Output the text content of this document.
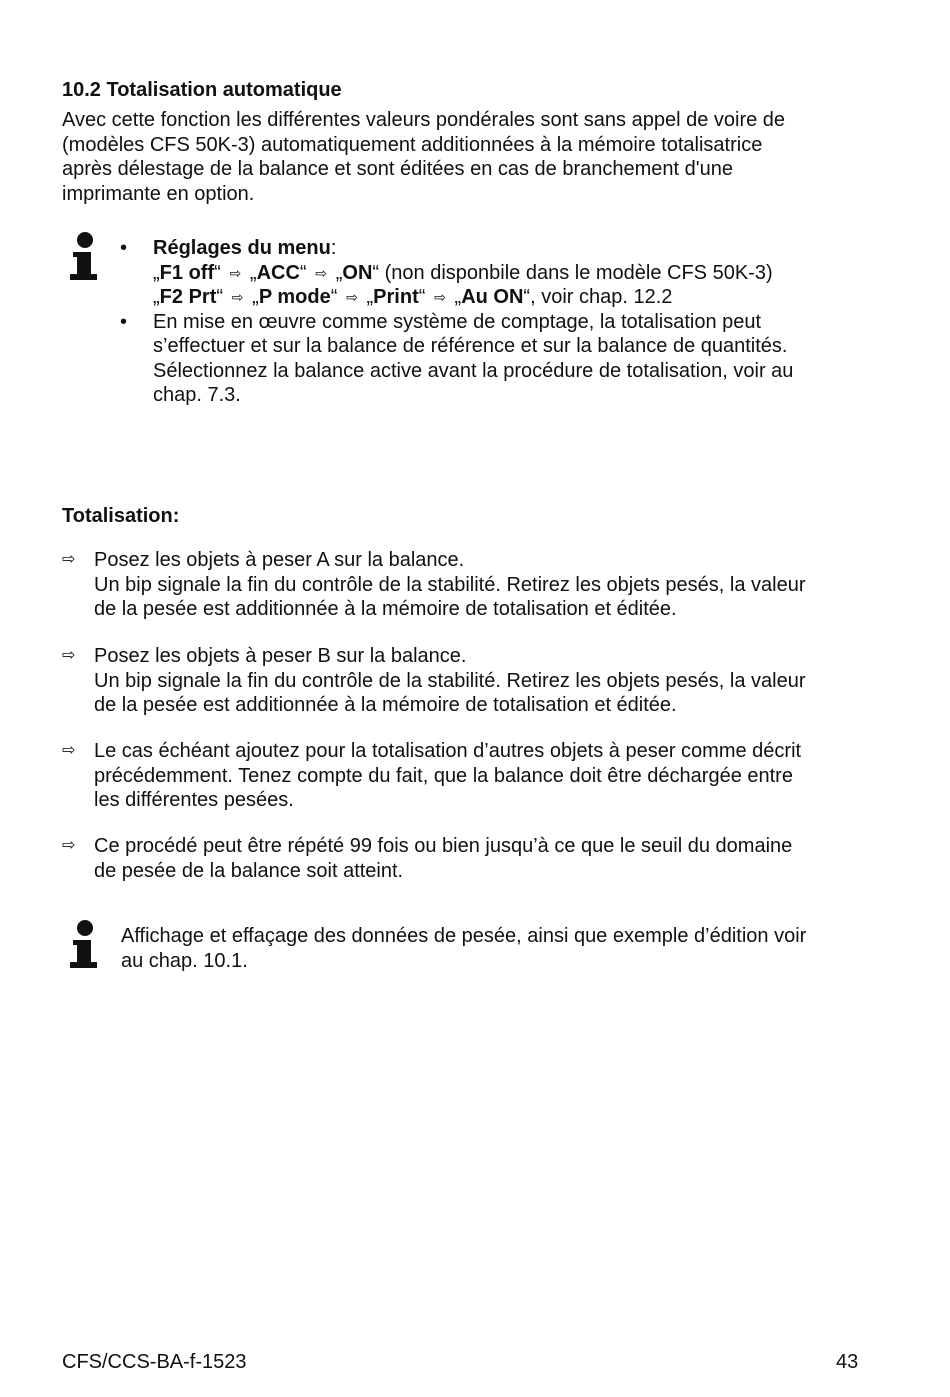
10.2 Totalisation automatique

Avec cette fonction les différentes valeurs pondérales sont sans appel de voire de

(modèles CFS 50K-3) automatiquement additionnées à la mémoire totalisatrice

après délestage de la balance et sont éditées en cas de branchement d'une

imprimante en option.

• Réglages du menu:

„F1 off“ ⇨ „ACC“ ⇨ „ON“ (non disponbile dans le modèle CFS 50K-3)

„F2 Prt“ ⇨ „P mode“ ⇨ „Print“ ⇨ „Au ON“, voir chap. 12.2

• En mise en œuvre comme système de comptage, la totalisation peut

s’effectuer et sur la balance de référence et sur la balance de quantités.

Sélectionnez la balance active avant la procédure de totalisation, voir au

chap. 7.3.

Totalisation:
⇨ Posez les objets à peser A sur la balance.

Un bip signale la fin du contrôle de la stabilité. Retirez les objets pesés, la valeur

de la pesée est additionnée à la mémoire de totalisation et éditée.

⇨ Posez les objets à peser B sur la balance.

Un bip signale la fin du contrôle de la stabilité. Retirez les objets pesés, la valeur

de la pesée est additionnée à la mémoire de totalisation et éditée.

⇨ Le cas échéant ajoutez pour la totalisation d’autres objets à peser comme décrit

précédemment. Tenez compte du fait, que la balance doit être déchargée entre

les différentes pesées.

⇨ Ce procédé peut être répété 99 fois ou bien jusqu’à ce que le seuil du domaine

de pesée de la balance soit atteint.

Affichage et effaçage des données de pesée, ainsi que exemple d’édition voir

au chap. 10.1.

CFS/CCS-BA-f-1523	43
